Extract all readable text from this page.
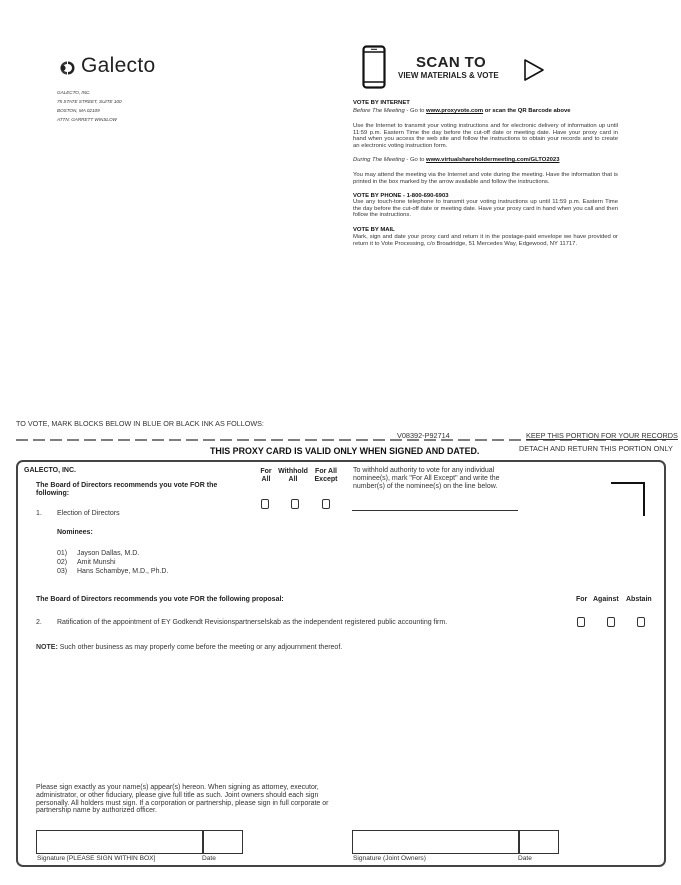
Galecto
GALECTO, INC.
75 STATE STREET, SUITE 100
BOSTON, MA 02109
ATTN: GARRETT WINSLOW
SCAN TO
VIEW MATERIALS & VOTE
VOTE BY INTERNET
Before The Meeting - Go to www.proxyvote.com or scan the QR Barcode above
Use the Internet to transmit your voting instructions and for electronic delivery of information up until 11:59 p.m. Eastern Time the day before the cut-off date or meeting date. Have your proxy card in hand when you access the web site and follow the instructions to obtain your records and to create an electronic voting instruction form.
During The Meeting - Go to www.virtualshareholdermeeting.com/GLTO2023
You may attend the meeting via the Internet and vote during the meeting. Have the information that is printed in the box marked by the arrow available and follow the instructions.
VOTE BY PHONE - 1-800-690-6903
Use any touch-tone telephone to transmit your voting instructions up until 11:59 p.m. Eastern Time the day before the cut-off date or meeting date. Have your proxy card in hand when you call and then follow the instructions.
VOTE BY MAIL
Mark, sign and date your proxy card and return it in the postage-paid envelope we have provided or return it to Vote Processing, c/o Broadridge, 51 Mercedes Way, Edgewood, NY 11717.
TO VOTE, MARK BLOCKS BELOW IN BLUE OR BLACK INK AS FOLLOWS:
V08392-P92714	KEEP THIS PORTION FOR YOUR RECORDS
DETACH AND RETURN THIS PORTION ONLY
THIS PROXY CARD IS VALID ONLY WHEN SIGNED AND DATED.
GALECTO, INC.
The Board of Directors recommends you vote FOR the following:
For
All
Withhold
All
For All
Except
To withhold authority to vote for any individual nominee(s), mark "For All Except" and write the number(s) of the nominee(s) on the line below.
1. Election of Directors
Nominees:
01) Jayson Dallas, M.D.
02) Amit Munshi
03) Hans Schambye, M.D., Ph.D.
The Board of Directors recommends you vote FOR the following proposal:	For Against Abstain
2. Ratification of the appointment of EY Godkendt Revisionspartnerselskab as the independent registered public accounting firm.
NOTE: Such other business as may properly come before the meeting or any adjournment thereof.
Please sign exactly as your name(s) appear(s) hereon. When signing as attorney, executor, administrator, or other fiduciary, please give full title as such. Joint owners should each sign personally. All holders must sign. If a corporation or partnership, please sign in full corporate or partnership name by authorized officer.
Signature [PLEASE SIGN WITHIN BOX]	Date	Signature (Joint Owners)	Date
